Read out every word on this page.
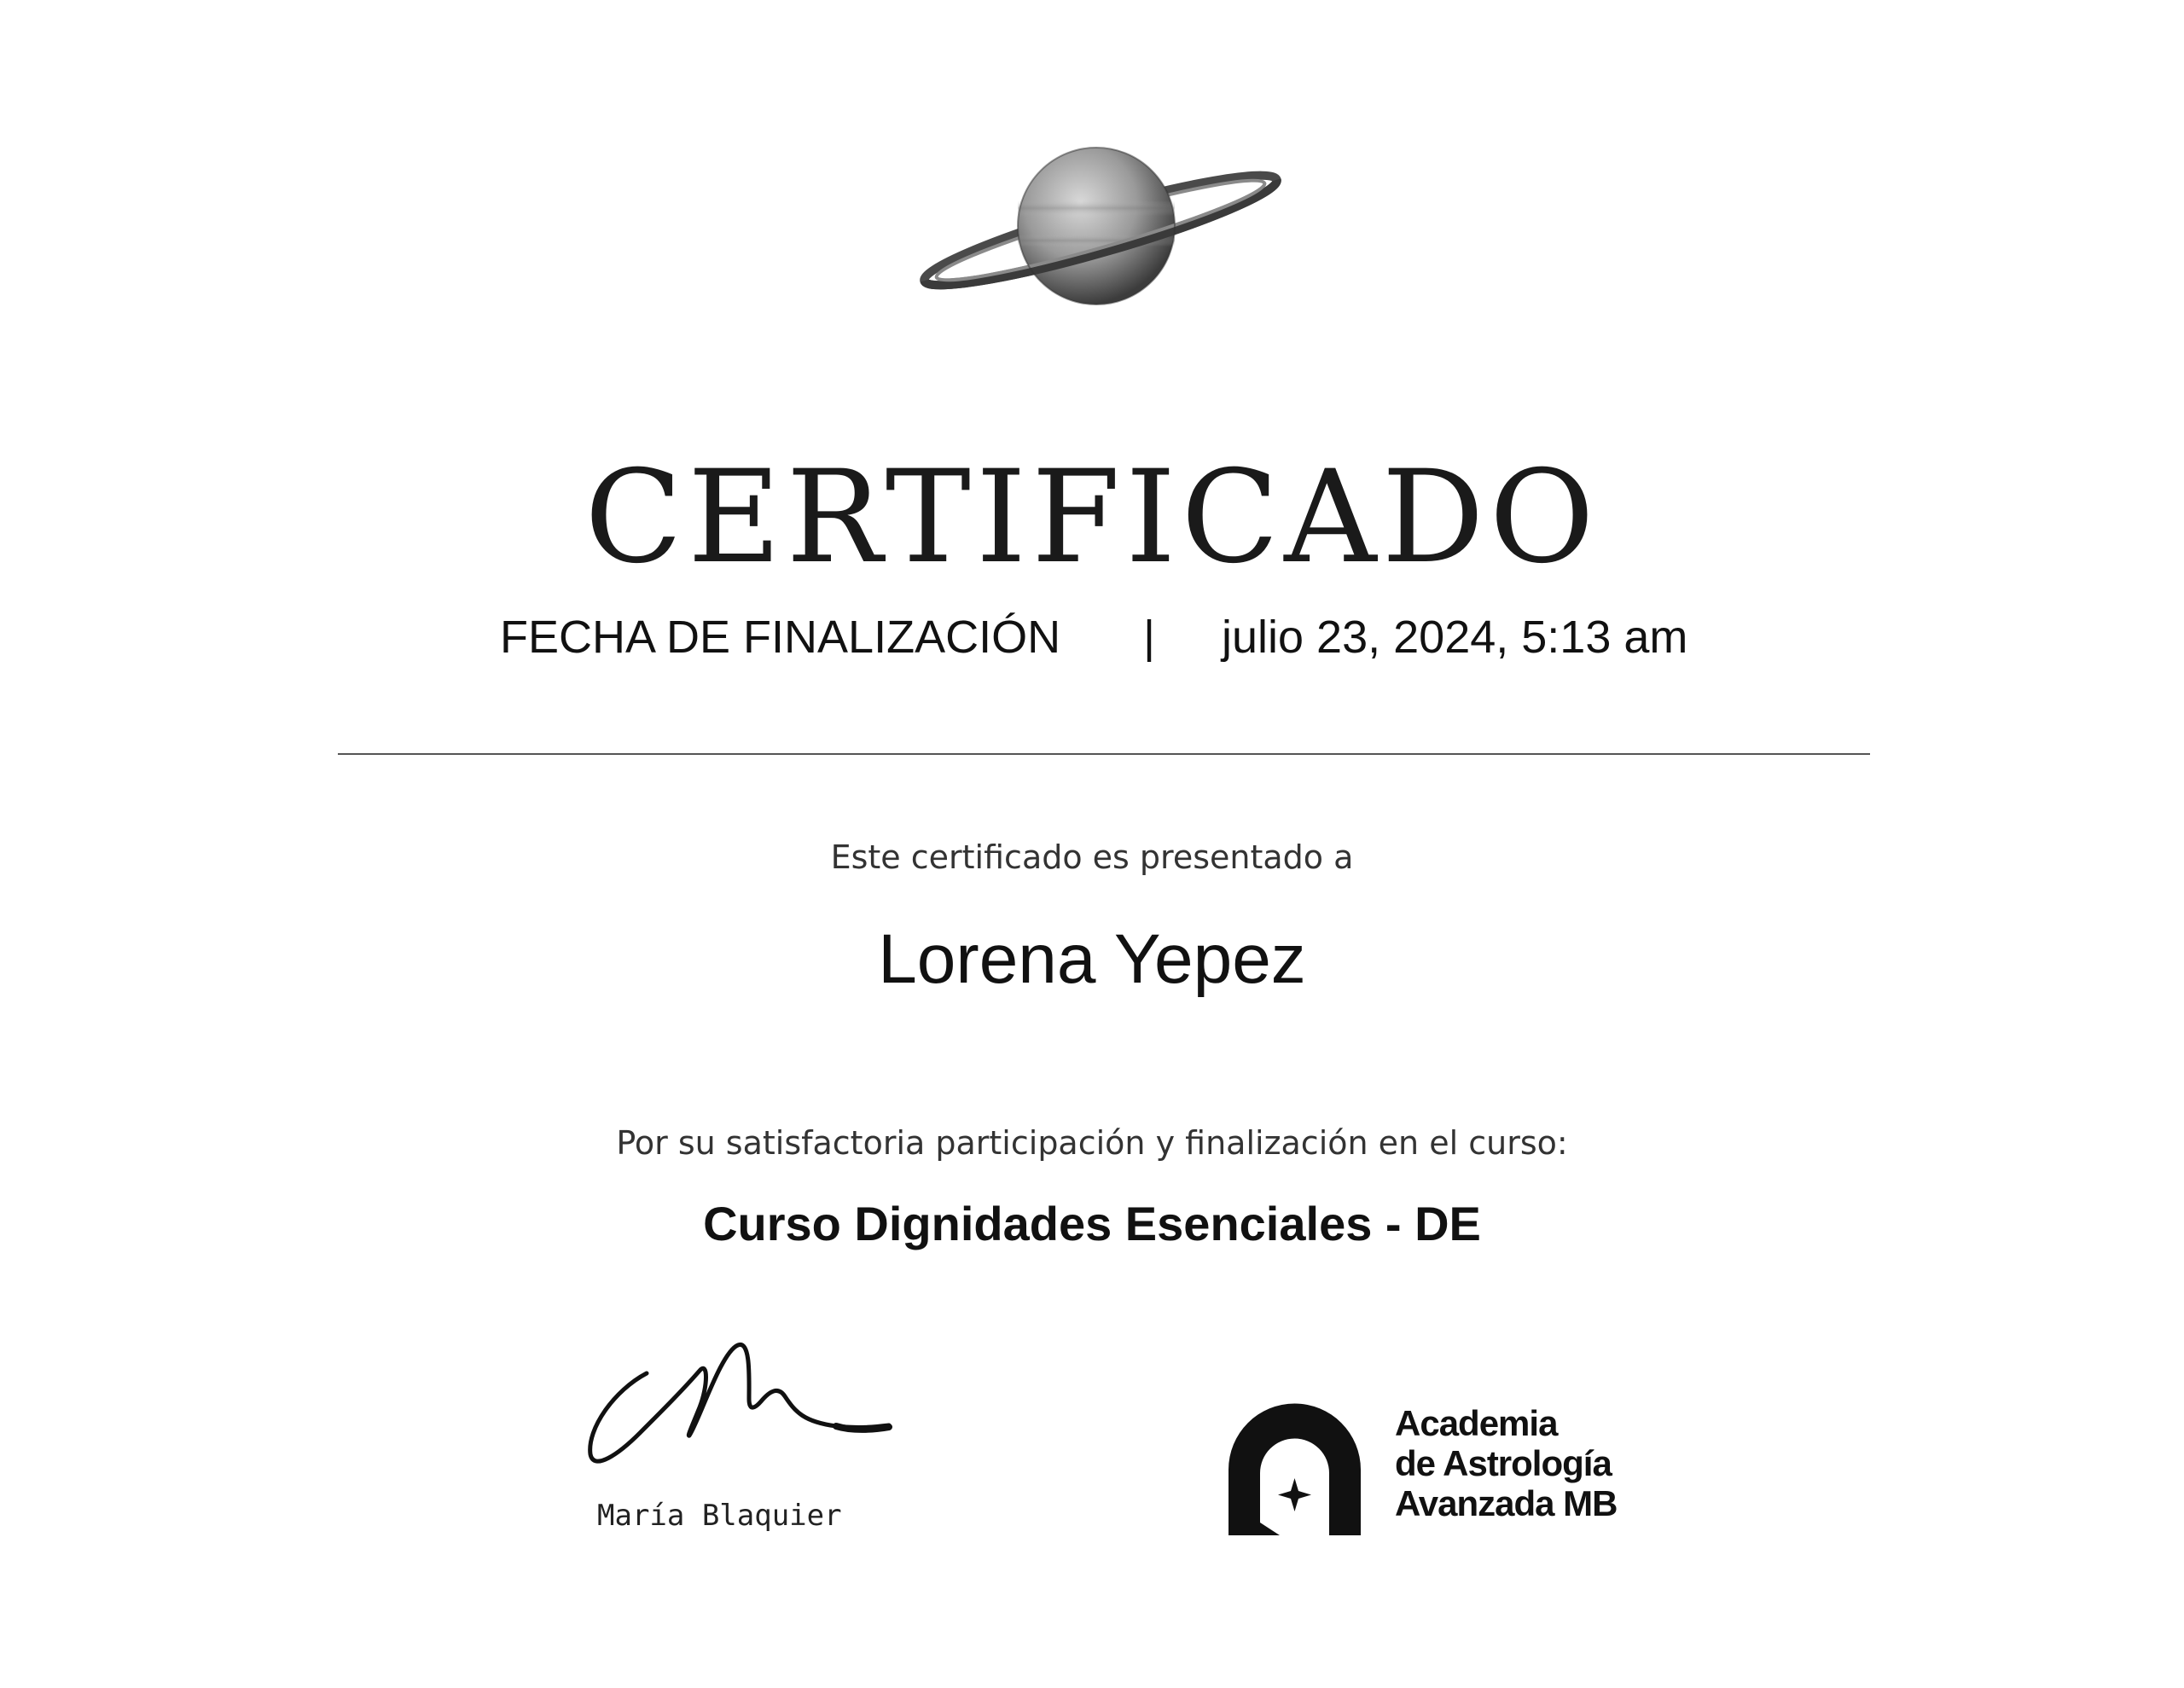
CERTIFICADO
FECHA DE FINALIZACIÓN | julio 23, 2024, 5:13 am
Este certificado es presentado a
Lorena Yepez
Por su satisfactoria participación y finalización en el curso:
Curso Dignidades Esenciales - DE
María Blaquier
Academia
de Astrología
Avanzada MB
